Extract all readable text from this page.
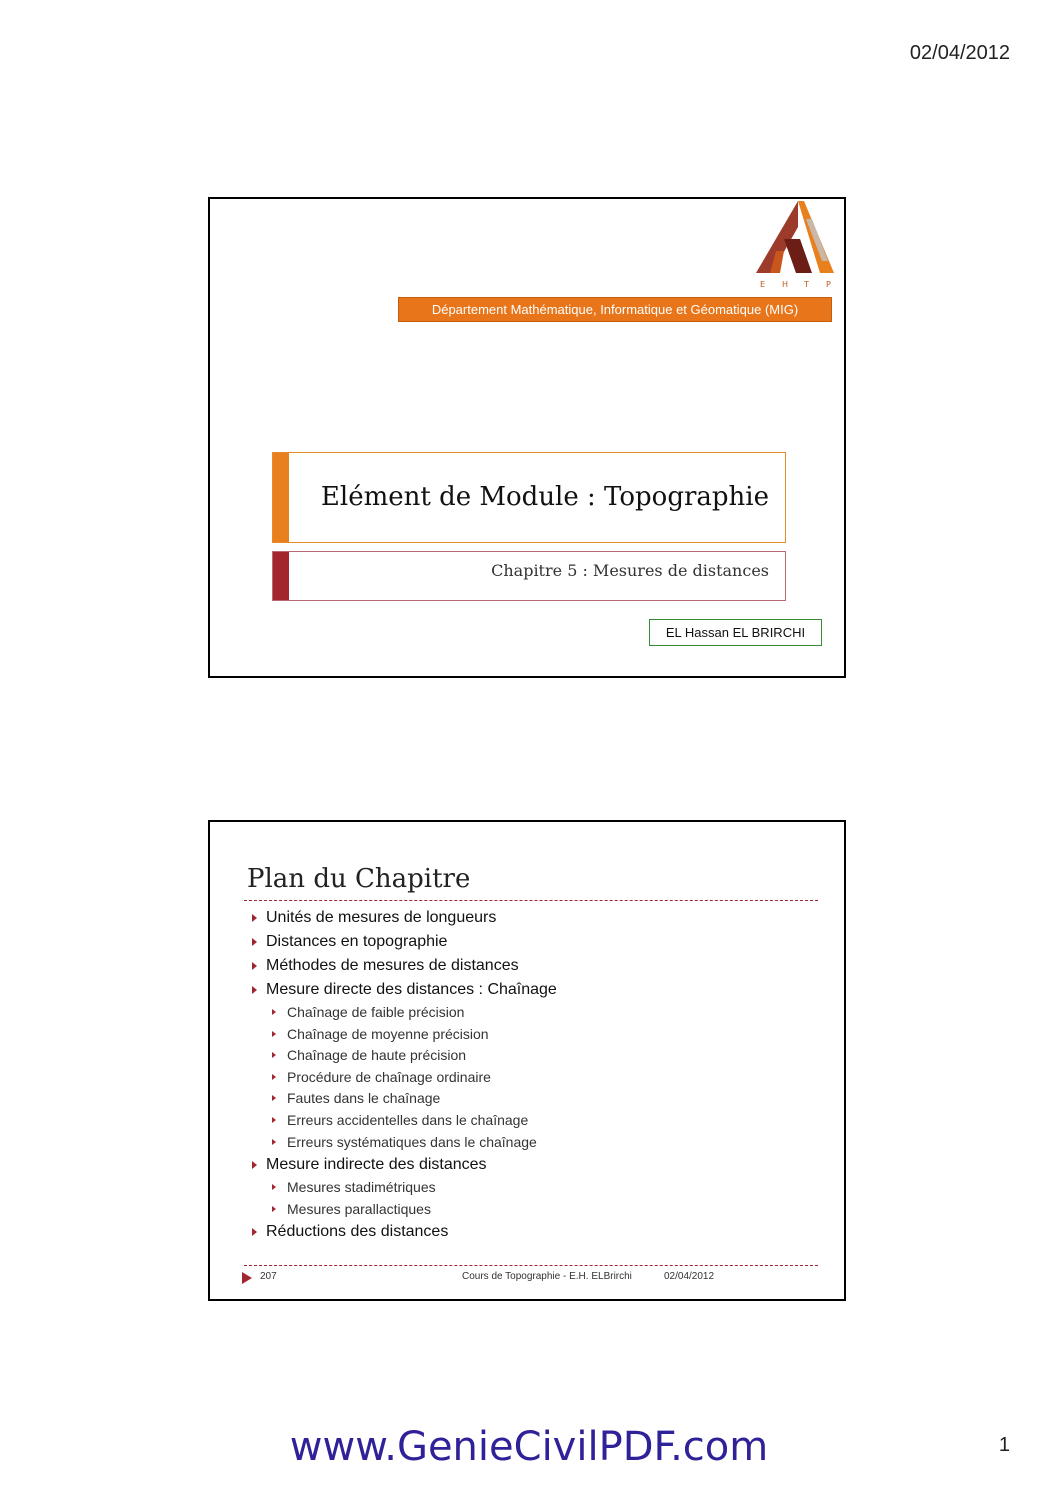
02/04/2012
E H T P
Département Mathématique, Informatique et Géomatique (MIG)
Elément de Module : Topographie
Chapitre 5 : Mesures de distances
EL Hassan EL BRIRCHI
Plan du Chapitre
Unités de mesures de longueurs
Distances en topographie
Méthodes de mesures de distances
Mesure directe des distances : Chaînage
Chaînage de faible précision
Chaînage de moyenne précision
Chaînage de haute précision
Procédure de chaînage ordinaire
Fautes dans le chaînage
Erreurs accidentelles dans le chaînage
Erreurs systématiques dans le chaînage
Mesure indirecte des distances
Mesures stadimétriques
Mesures parallactiques
Réductions des distances
207	Cours de Topographie - E.H. ELBrirchi	02/04/2012
www.GenieCivilPDF.com	1
